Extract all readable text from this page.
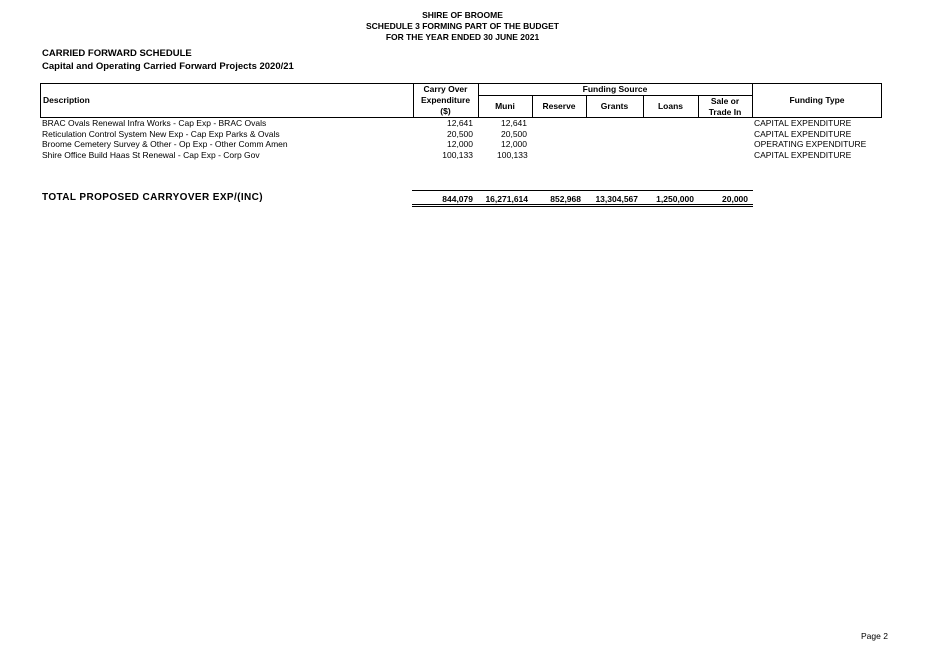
SHIRE OF BROOME
SCHEDULE 3 FORMING PART OF THE BUDGET
FOR THE YEAR ENDED 30 JUNE 2021
CARRIED FORWARD SCHEDULE
Capital and Operating Carried Forward Projects 2020/21
Description
Carry Over
Expenditure
($)
Funding Source
Muni	Reserve	Grants	Loans	Sale or
Trade In
Funding Type
BRAC Ovals Renewal Infra Works - Cap Exp - BRAC Ovals	12,641	12,641	CAPITAL EXPENDITURE
Reticulation Control System New Exp - Cap Exp Parks & Ovals	20,500	20,500	CAPITAL EXPENDITURE
Broome Cemetery Survey & Other - Op Exp - Other Comm Amen	12,000	12,000	OPERATING EXPENDITURE
Shire Office Build Haas St Renewal - Cap Exp - Corp Gov	100,133	100,133	CAPITAL EXPENDITURE
TOTAL PROPOSED CARRYOVER EXP/(INC)	844,079	16,271,614	852,968	13,304,567	1,250,000	20,000
Page 2
